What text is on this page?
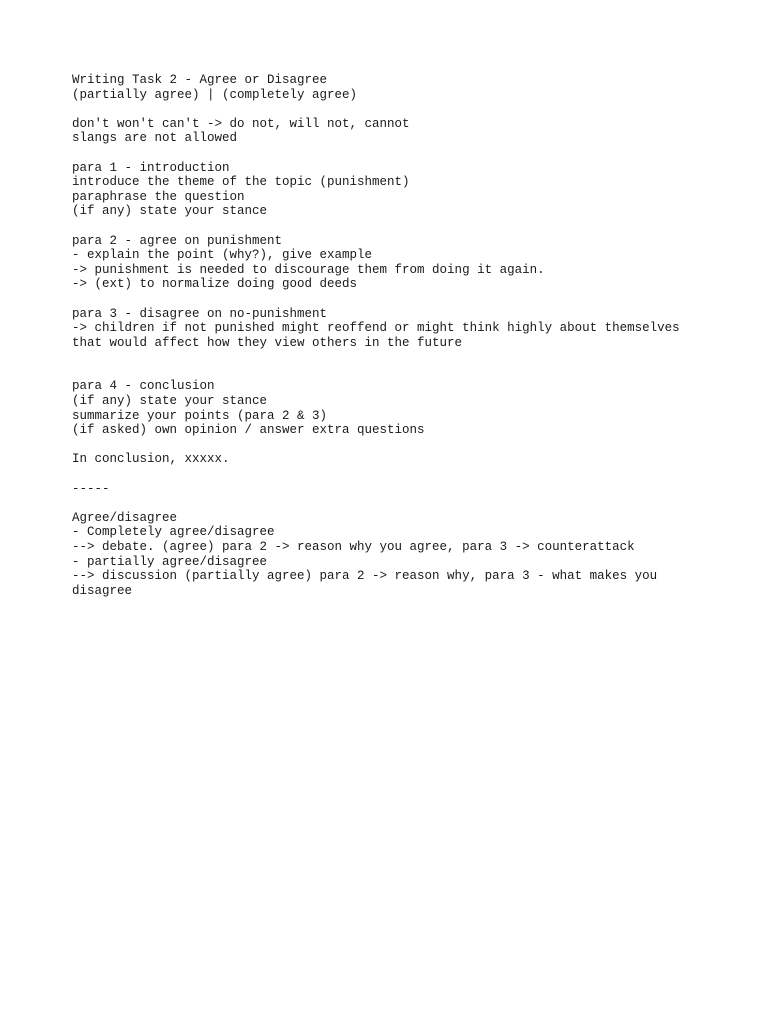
Writing Task 2 - Agree or Disagree
(partially agree) | (completely agree)
don't won't can't -> do not, will not, cannot
slangs are not allowed
para 1 - introduction
introduce the theme of the topic (punishment)
paraphrase the question
(if any) state your stance
para 2 - agree on punishment
- explain the point (why?), give example
-> punishment is needed to discourage them from doing it again.
-> (ext) to normalize doing good deeds
para 3 - disagree on no-punishment
-> children if not punished might reoffend or might think highly about themselves
that would affect how they view others in the future
para 4 - conclusion
(if any) state your stance
summarize your points (para 2 & 3)
(if asked) own opinion / answer extra questions
In conclusion, xxxxx.
-----
Agree/disagree
- Completely agree/disagree
--> debate. (agree) para 2 -> reason why you agree, para 3 -> counterattack
- partially agree/disagree
--> discussion (partially agree) para 2 -> reason why, para 3 - what makes you
disagree
